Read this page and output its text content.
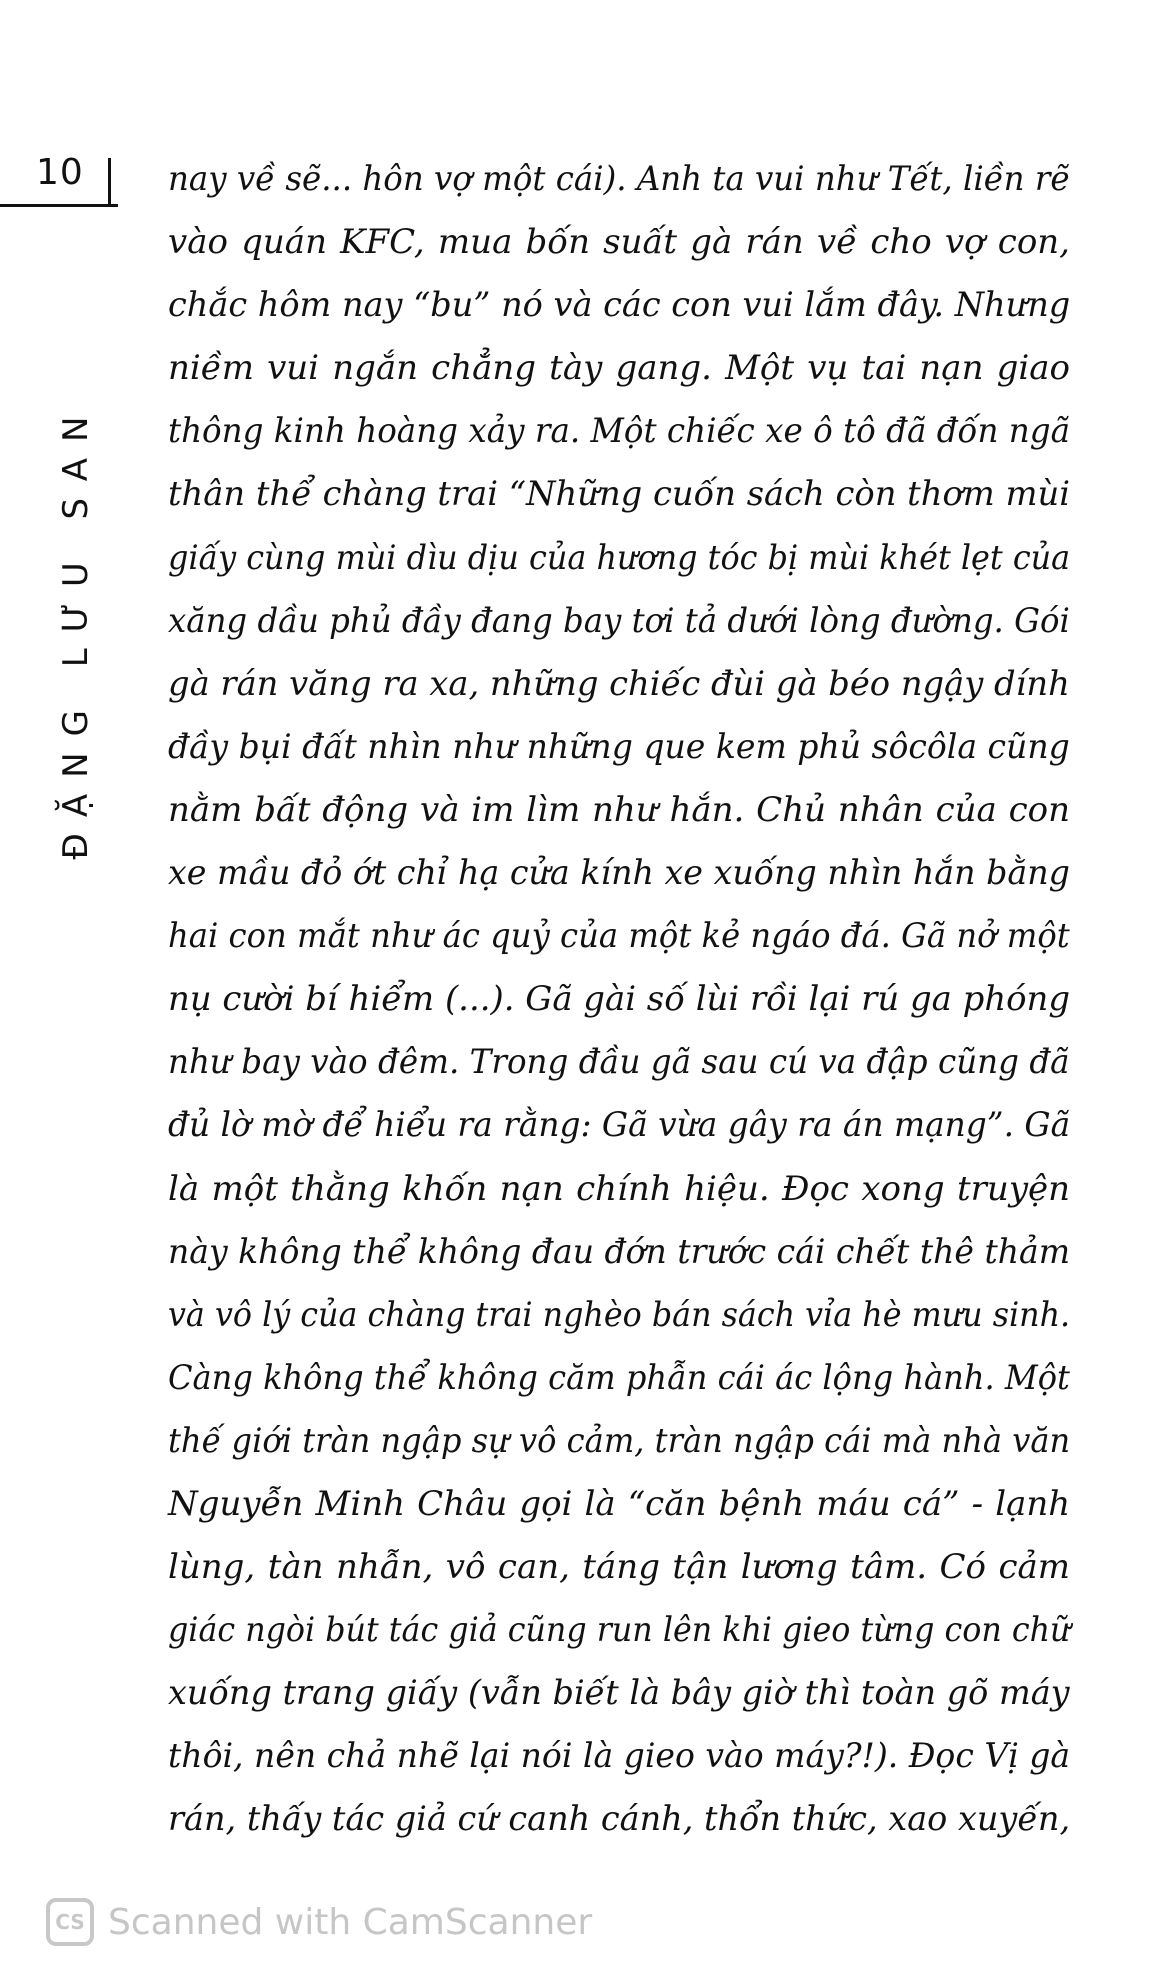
10
ĐẶNG LƯU SAN
nay về sẽ... hôn vợ một cái). Anh ta vui như Tết, liền rẽ
vào quán KFC, mua bốn suất gà rán về cho vợ con,
chắc hôm nay “bu” nó và các con vui lắm đây. Nhưng
niềm vui ngắn chẳng tày gang. Một vụ tai nạn giao
thông kinh hoàng xảy ra. Một chiếc xe ô tô đã đốn ngã
thân thể chàng trai “Những cuốn sách còn thơm mùi
giấy cùng mùi dìu dịu của hương tóc bị mùi khét lẹt của
xăng dầu phủ đầy đang bay tơi tả dưới lòng đường. Gói
gà rán văng ra xa, những chiếc đùi gà béo ngậy dính
đầy bụi đất nhìn như những que kem phủ sôcôla cũng
nằm bất động và im lìm như hắn. Chủ nhân của con
xe mầu đỏ ớt chỉ hạ cửa kính xe xuống nhìn hắn bằng
hai con mắt như ác quỷ của một kẻ ngáo đá. Gã nở một
nụ cười bí hiểm (...). Gã gài số lùi rồi lại rú ga phóng
như bay vào đêm. Trong đầu gã sau cú va đập cũng đã
đủ lờ mờ để hiểu ra rằng: Gã vừa gây ra án mạng”. Gã
là một thằng khốn nạn chính hiệu. Đọc xong truyện
này không thể không đau đớn trước cái chết thê thảm
và vô lý của chàng trai nghèo bán sách vỉa hè mưu sinh.
Càng không thể không căm phẫn cái ác lộng hành. Một
thế giới tràn ngập sự vô cảm, tràn ngập cái mà nhà văn
Nguyễn Minh Châu gọi là “căn bệnh máu cá” - lạnh
lùng, tàn nhẫn, vô can, táng tận lương tâm. Có cảm
giác ngòi bút tác giả cũng run lên khi gieo từng con chữ
xuống trang giấy (vẫn biết là bây giờ thì toàn gõ máy
thôi, nên chả nhẽ lại nói là gieo vào máy?!). Đọc Vị gà
rán, thấy tác giả cứ canh cánh, thổn thức, xao xuyến,
CS Scanned with CamScanner
